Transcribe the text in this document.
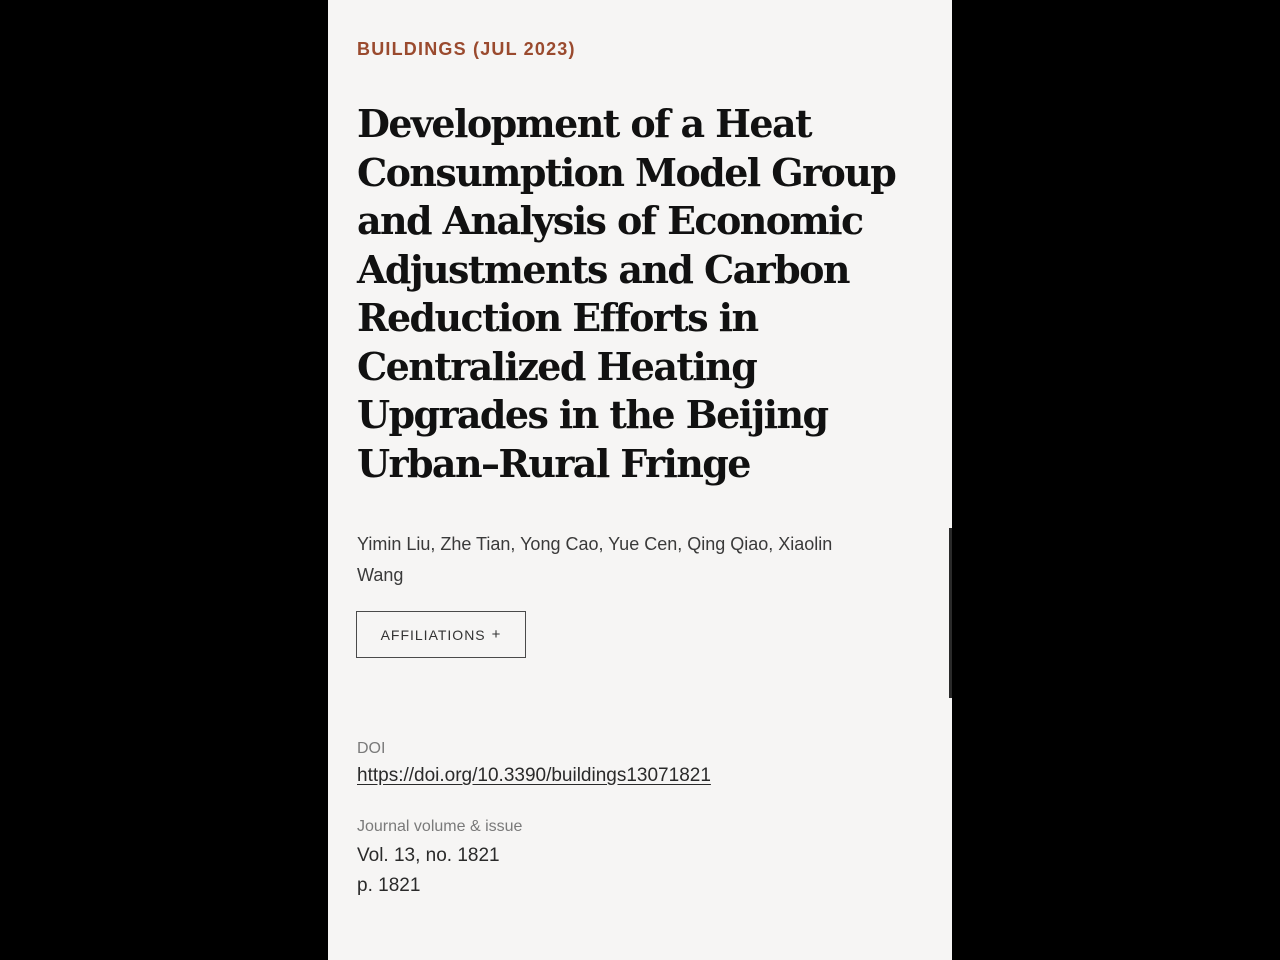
BUILDINGS (JUL 2023)
Development of a Heat Consumption Model Group and Analysis of Economic Adjustments and Carbon Reduction Efforts in Centralized Heating Upgrades in the Beijing Urban–Rural Fringe
Yimin Liu, Zhe Tian, Yong Cao, Yue Cen, Qing Qiao, Xiaolin Wang
AFFILIATIONS +
DOI
https://doi.org/10.3390/buildings13071821
Journal volume & issue
Vol. 13, no. 1821
p. 1821
